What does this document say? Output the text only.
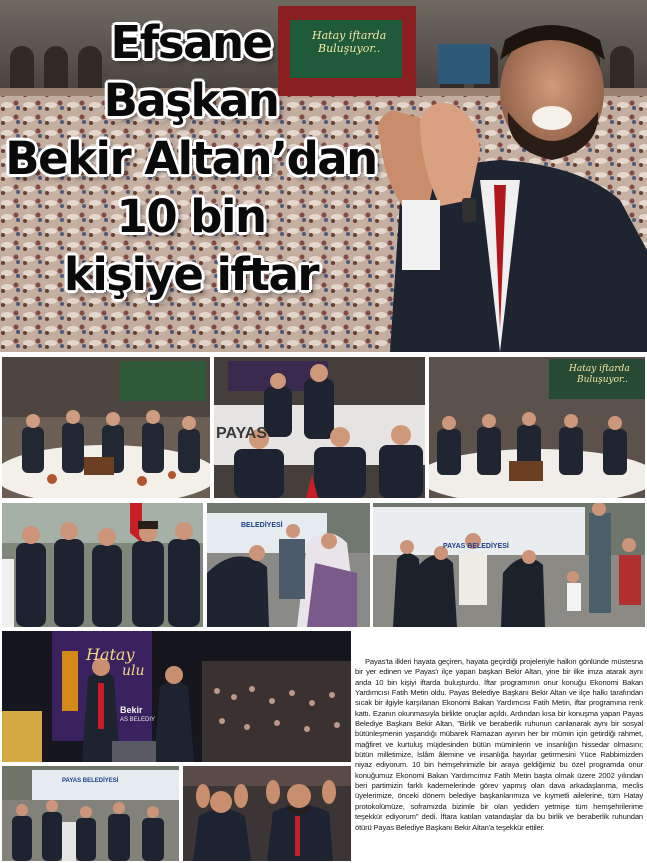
Hatay iftarda
Buluşuyor..
Efsane
Başkan
Bekir Altan’dan
10 bin
kişiye iftar
PAYAS
Hatay iftarda
Buluşuyor..
BELEDİYESİ
PAYAS BELEDİYESİ
Hatay
ulu
Bekir
AS BELEDIY
PAYAS BELEDİYESİ
Payas'ta ilkleri hayata geçiren, hayata geçirdiği projeleriyle halkın gönlünde müstesna bir yer edinen ve Payas'ı ilçe yapan başkan Bekir Altan, yine bir ilke imza atarak aynı anda 10 bin kişiyi iftarda buluşturdu. İftar programının onur konuğu Ekonomi Bakan Yardımcısı Fatih Metin oldu. Payas Belediye Başkanı Bekir Altan ve ilçe halkı tarafından sıcak bir ilgiyle karşılanan Ekonomi Bakan Yardımcısı Fatih Metin, iftar programına renk kattı. Ezanın okunmasıyla birlikte oruçlar açıldı. Ardından kısa bir konuşma yapan Payas Belediye Başkanı Bekir Altan, "Birlik ve beraberlik ruhunun canlanarak aynı bir sosyal bütünleşmenin yaşandığı mübarek Ramazan ayının her bir mümin için getirdiği rahmet, mağfiret ve kurtuluş müjdesinden bütün müminlerin ve insanlığın hissedar olmasını; bütün milletimize, İslâm âlemine ve insanlığa hayırlar getirmesini Yüce Rabbimizden niyaz ediyorum. 10 bin hemşehrimizle bir araya geldiğimiz bu özel programda onur konuğumuz Ekonomi Bakan Yardımcımız Fatih Metin başta olmak üzere 2002 yılından beri partimizin farklı kademelerinde görev yapmış olan dava arkadaşlarıma, meclis üyelerimize, önceki dönem belediye başkanlarımıza ve kıymetli ailelerine, tüm Hatay protokolümüze, soframızda bizimle bir olan yediden yetmişe tüm hemşehrilerime teşekkür ediyorum" dedi. İftara katılan vatandaşlar da bu birlik ve beraberlik ruhundan ötürü Payas Belediye Başkanı Bekir Altan'a teşekkür ettiler.
